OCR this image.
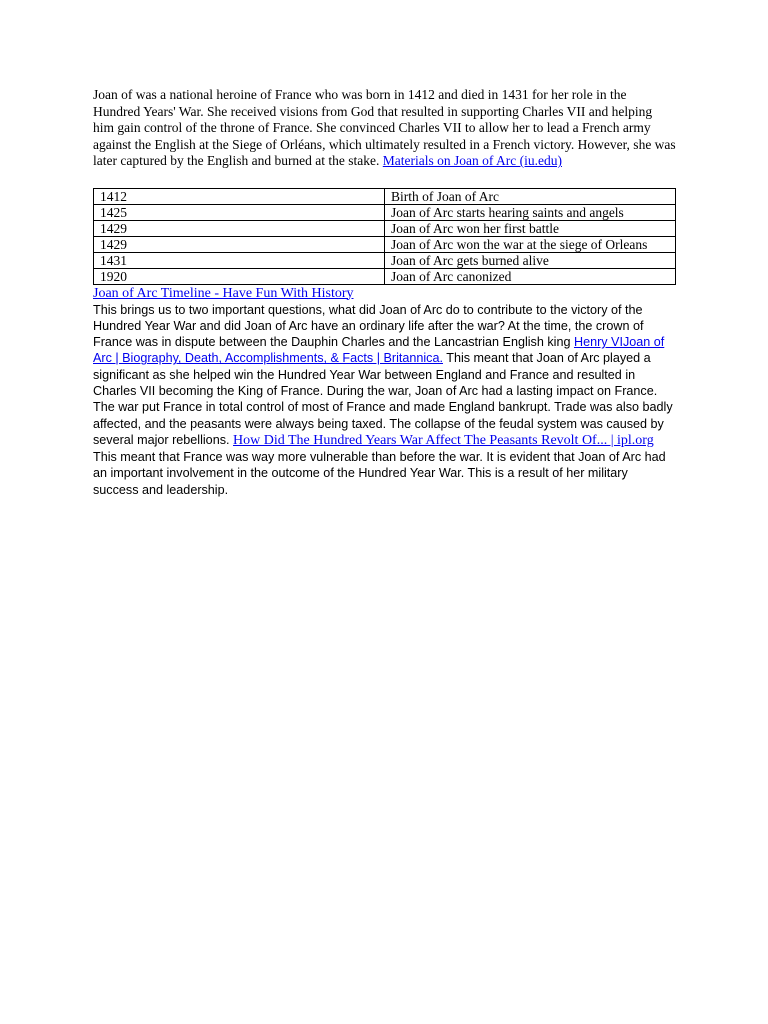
Joan of was a national heroine of France who was born in 1412 and died in 1431 for her role in the Hundred Years' War. She received visions from God that resulted in supporting Charles VII and helping him gain control of the throne of France. She convinced Charles VII to allow her to lead a French army against the English at the Siege of Orléans, which ultimately resulted in a French victory. However, she was later captured by the English and burned at the stake. Materials on Joan of Arc (iu.edu)

1412	Birth of Joan of Arc
1425	Joan of Arc starts hearing saints and angels
1429	Joan of Arc won her first battle
1429	Joan of Arc won the war at the siege of Orleans
1431	Joan of Arc gets burned alive
1920	Joan of Arc canonized
Joan of Arc Timeline - Have Fun With History

This brings us to two important questions, what did Joan of Arc do to contribute to the victory of the Hundred Year War and did Joan of Arc have an ordinary life after the war? At the time, the crown of France was in dispute between the Dauphin Charles and the Lancastrian English king Henry VIJoan of Arc | Biography, Death, Accomplishments, & Facts | Britannica. This meant that Joan of Arc played a significant as she helped win the Hundred Year War between England and France and resulted in Charles VII becoming the King of France. During the war, Joan of Arc had a lasting impact on France. The war put France in total control of most of France and made England bankrupt. Trade was also badly affected, and the peasants were always being taxed. The collapse of the feudal system was caused by several major rebellions. How Did The Hundred Years War Affect The Peasants Revolt Of... | ipl.org This meant that France was way more vulnerable than before the war. It is evident that Joan of Arc had an important involvement in the outcome of the Hundred Year War. This is a result of her military success and leadership.
